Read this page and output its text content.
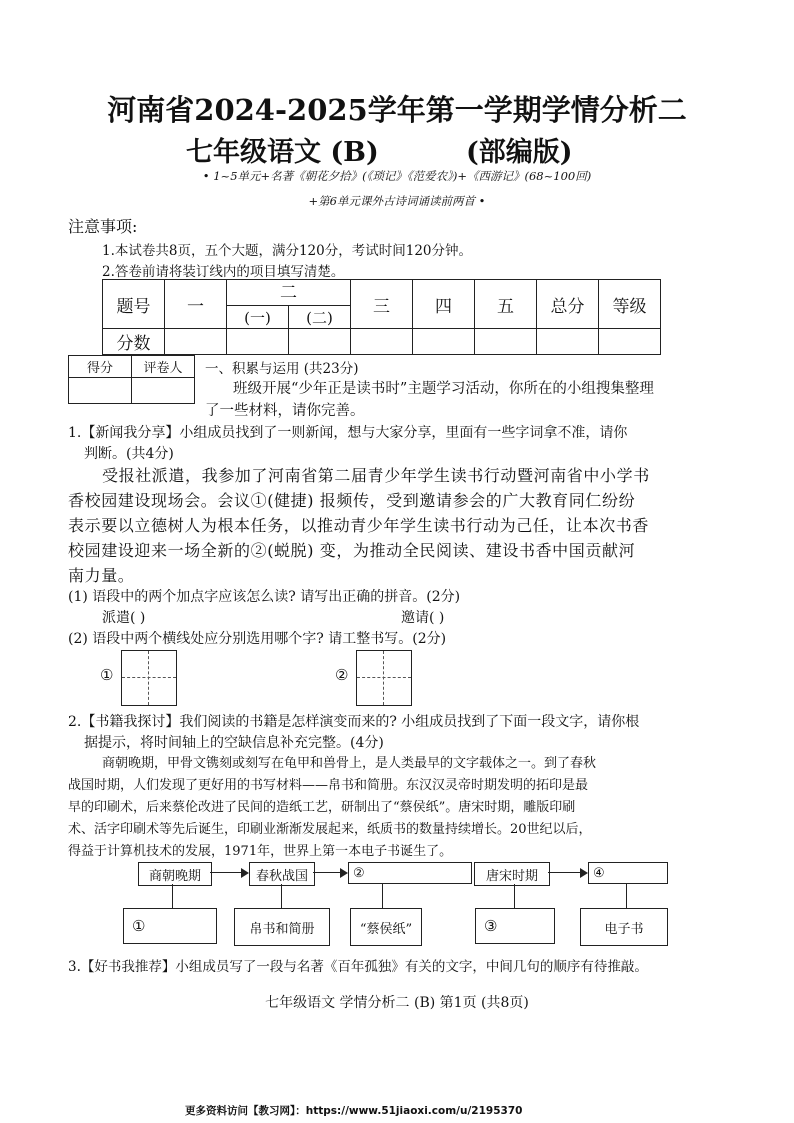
河南省2024-2025学年第一学期学情分析二
七年级语文 (B)	(部编版)
• 1~5单元+名著《朝花夕拾》(《琐记》《范爱农》)+《西游记》(68~100回)
+第6单元课外古诗词诵读前两首 •
注意事项:
1.本试卷共8页，五个大题，满分120分，考试时间120分钟。
2.答卷前请将装订线内的项目填写清楚。
题号	一	二		三	四	五	总分	等级
		(一)	(二)					
分数								
得分	评卷人
	一、积累与运用 (共23分)
班级开展“少年正是读书时”主题学习活动，你所在的小组搜集整理
了一些材料，请你完善。
1.【新闻我分享】小组成员找到了一则新闻，想与大家分享，里面有一些字词拿不准，请你
判断。(共4分)
受报社派遣，我参加了河南省第二届青少年学生读书行动暨河南省中小学书
香校园建设现场会。会议①(健捷) 报频传，受到邀请参会的广大教育同仁纷纷
表示要以立德树人为根本任务，以推动青少年学生读书行动为己任，让本次书香
校园建设迎来一场全新的②(蜕脱) 变，为推动全民阅读、建设书香中国贡献河
南力量。
(1) 语段中的两个加点字应该怎么读? 请写出正确的拼音。(2分)
派遣( )	邀请( )
(2) 语段中两个横线处应分别选用哪个字? 请工整书写。(2分)
①	②
2.【书籍我探讨】我们阅读的书籍是怎样演变而来的? 小组成员找到了下面一段文字，请你根
据提示，将时间轴上的空缺信息补充完整。(4分)
商朝晚期，甲骨文镌刻或刻写在龟甲和兽骨上，是人类最早的文字载体之一。到了春秋
战国时期，人们发现了更好用的书写材料——帛书和简册。东汉汉灵帝时期发明的拓印是最
早的印刷术，后来蔡伦改进了民间的造纸工艺，研制出了“蔡侯纸”。唐宋时期，雕版印刷
术、活字印刷术等先后诞生，印刷业渐渐发展起来，纸质书的数量持续增长。20世纪以后，
得益于计算机技术的发展，1971年，世界上第一本电子书诞生了。
商朝晚期	春秋战国	②	唐宋时期	④
①	帛书和简册	“蔡侯纸”	③	电子书
3.【好书我推荐】小组成员写了一段与名著《百年孤独》有关的文字，中间几句的顺序有待推敲。
七年级语文 学情分析二 (B) 第1页 (共8页)
更多资料访问【教习网】：https://www.51jiaoxi.com/u/2195370
